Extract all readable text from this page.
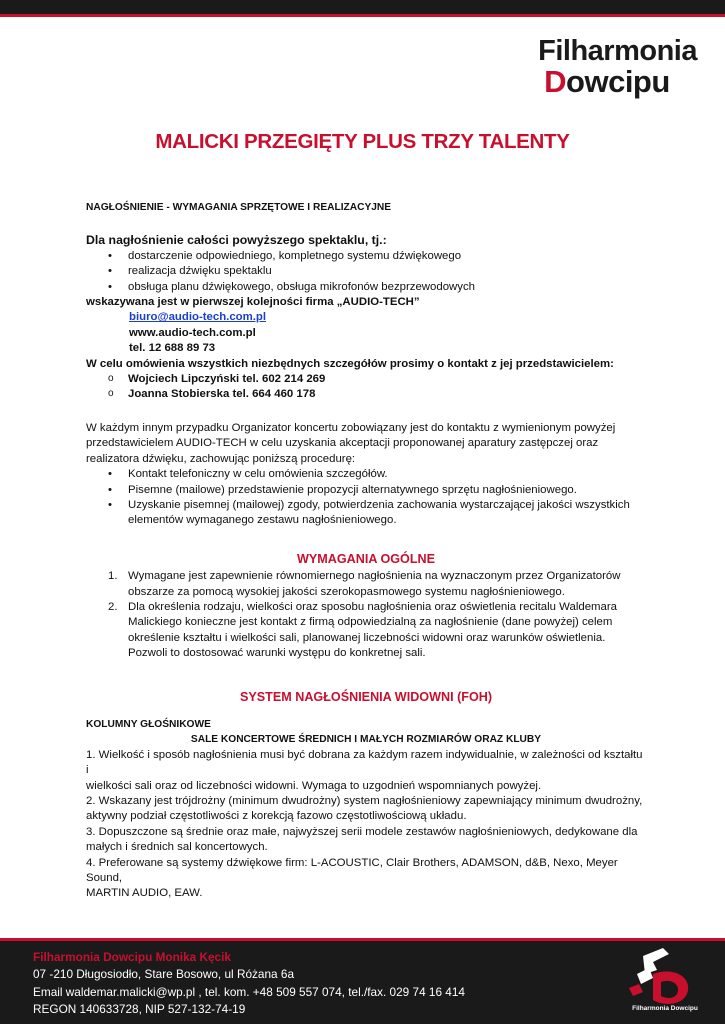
Filharmonia
Dowcipu
MALICKI PRZEGIĘTY PLUS TRZY TALENTY
NAGŁOŚNIENIE - WYMAGANIA SPRZĘTOWE I REALIZACYJNE
Dla nagłośnienie całości powyższego spektaklu, tj.:
• dostarczenie odpowiedniego, kompletnego systemu dźwiękowego
• realizacja dźwięku spektaklu
• obsługa planu dźwiękowego, obsługa mikrofonów bezprzewodowych
wskazywana jest w pierwszej kolejności firma „AUDIO-TECH”
biuro@audio-tech.com.pl
www.audio-tech.com.pl
tel. 12 688 89 73
W celu omówienia wszystkich niezbędnych szczegółów prosimy o kontakt z jej przedstawicielem:
o Wojciech Lipczyński tel. 602 214 269
o Joanna Stobierska tel. 664 460 178
W każdym innym przypadku Organizator koncertu zobowiązany jest do kontaktu z wymienionym powyżej
przedstawicielem AUDIO-TECH w celu uzyskania akceptacji proponowanej aparatury zastępczej oraz
realizatora dźwięku, zachowując poniższą procedurę:
• Kontakt telefoniczny w celu omówienia szczegółów.
• Pisemne (mailowe) przedstawienie propozycji alternatywnego sprzętu nagłośnieniowego.
• Uzyskanie pisemnej (mailowej) zgody, potwierdzenia zachowania wystarczającej jakości wszystkich
elementów wymaganego zestawu nagłośnieniowego.
WYMAGANIA OGÓLNE
1. Wymagane jest zapewnienie równomiernego nagłośnienia na wyznaczonym przez Organizatorów
obszarze za pomocą wysokiej jakości szerokopasmowego systemu nagłośnieniowego.
2. Dla określenia rodzaju, wielkości oraz sposobu nagłośnienia oraz oświetlenia recitalu Waldemara
Malickiego konieczne jest kontakt z firmą odpowiedzialną za nagłośnienie (dane powyżej) celem
określenie kształtu i wielkości sali, planowanej liczebności widowni oraz warunków oświetlenia.
Pozwoli to dostosować warunki występu do konkretnej sali.
SYSTEM NAGŁOŚNIENIA WIDOWNI (FOH)
KOLUMNY GŁOŚNIKOWE
SALE KONCERTOWE ŚREDNICH I MAŁYCH ROZMIARÓW ORAZ KLUBY
1. Wielkość i sposób nagłośnienia musi być dobrana za każdym razem indywidualnie, w zależności od kształtu i
wielkości sali oraz od liczebności widowni. Wymaga to uzgodnień wspomnianych powyżej.
2. Wskazany jest trójdrożny (minimum dwudrożny) system nagłośnieniowy zapewniający minimum dwudrożny,
aktywny podział częstotliwości z korekcją fazowo częstotliwościową układu.
3. Dopuszczone są średnie oraz małe, najwyższej serii modele zestawów nagłośnieniowych, dedykowane dla
małych i średnich sal koncertowych.
4. Preferowane są systemy dźwiękowe firm: L-ACOUSTIC, Clair Brothers, ADAMSON, d&B, Nexo, Meyer Sound,
MARTIN AUDIO, EAW.
Filharmonia Dowcipu Monika Kęcik
07 -210 Długosiodło, Stare Bosowo, ul Różana 6a
Email waldemar.malicki@wp.pl , tel. kom. +48 509 557 074, tel./fax. 029 74 16 414
REGON 140633728, NIP 527-132-74-19	Filharmonia Dowcipu
